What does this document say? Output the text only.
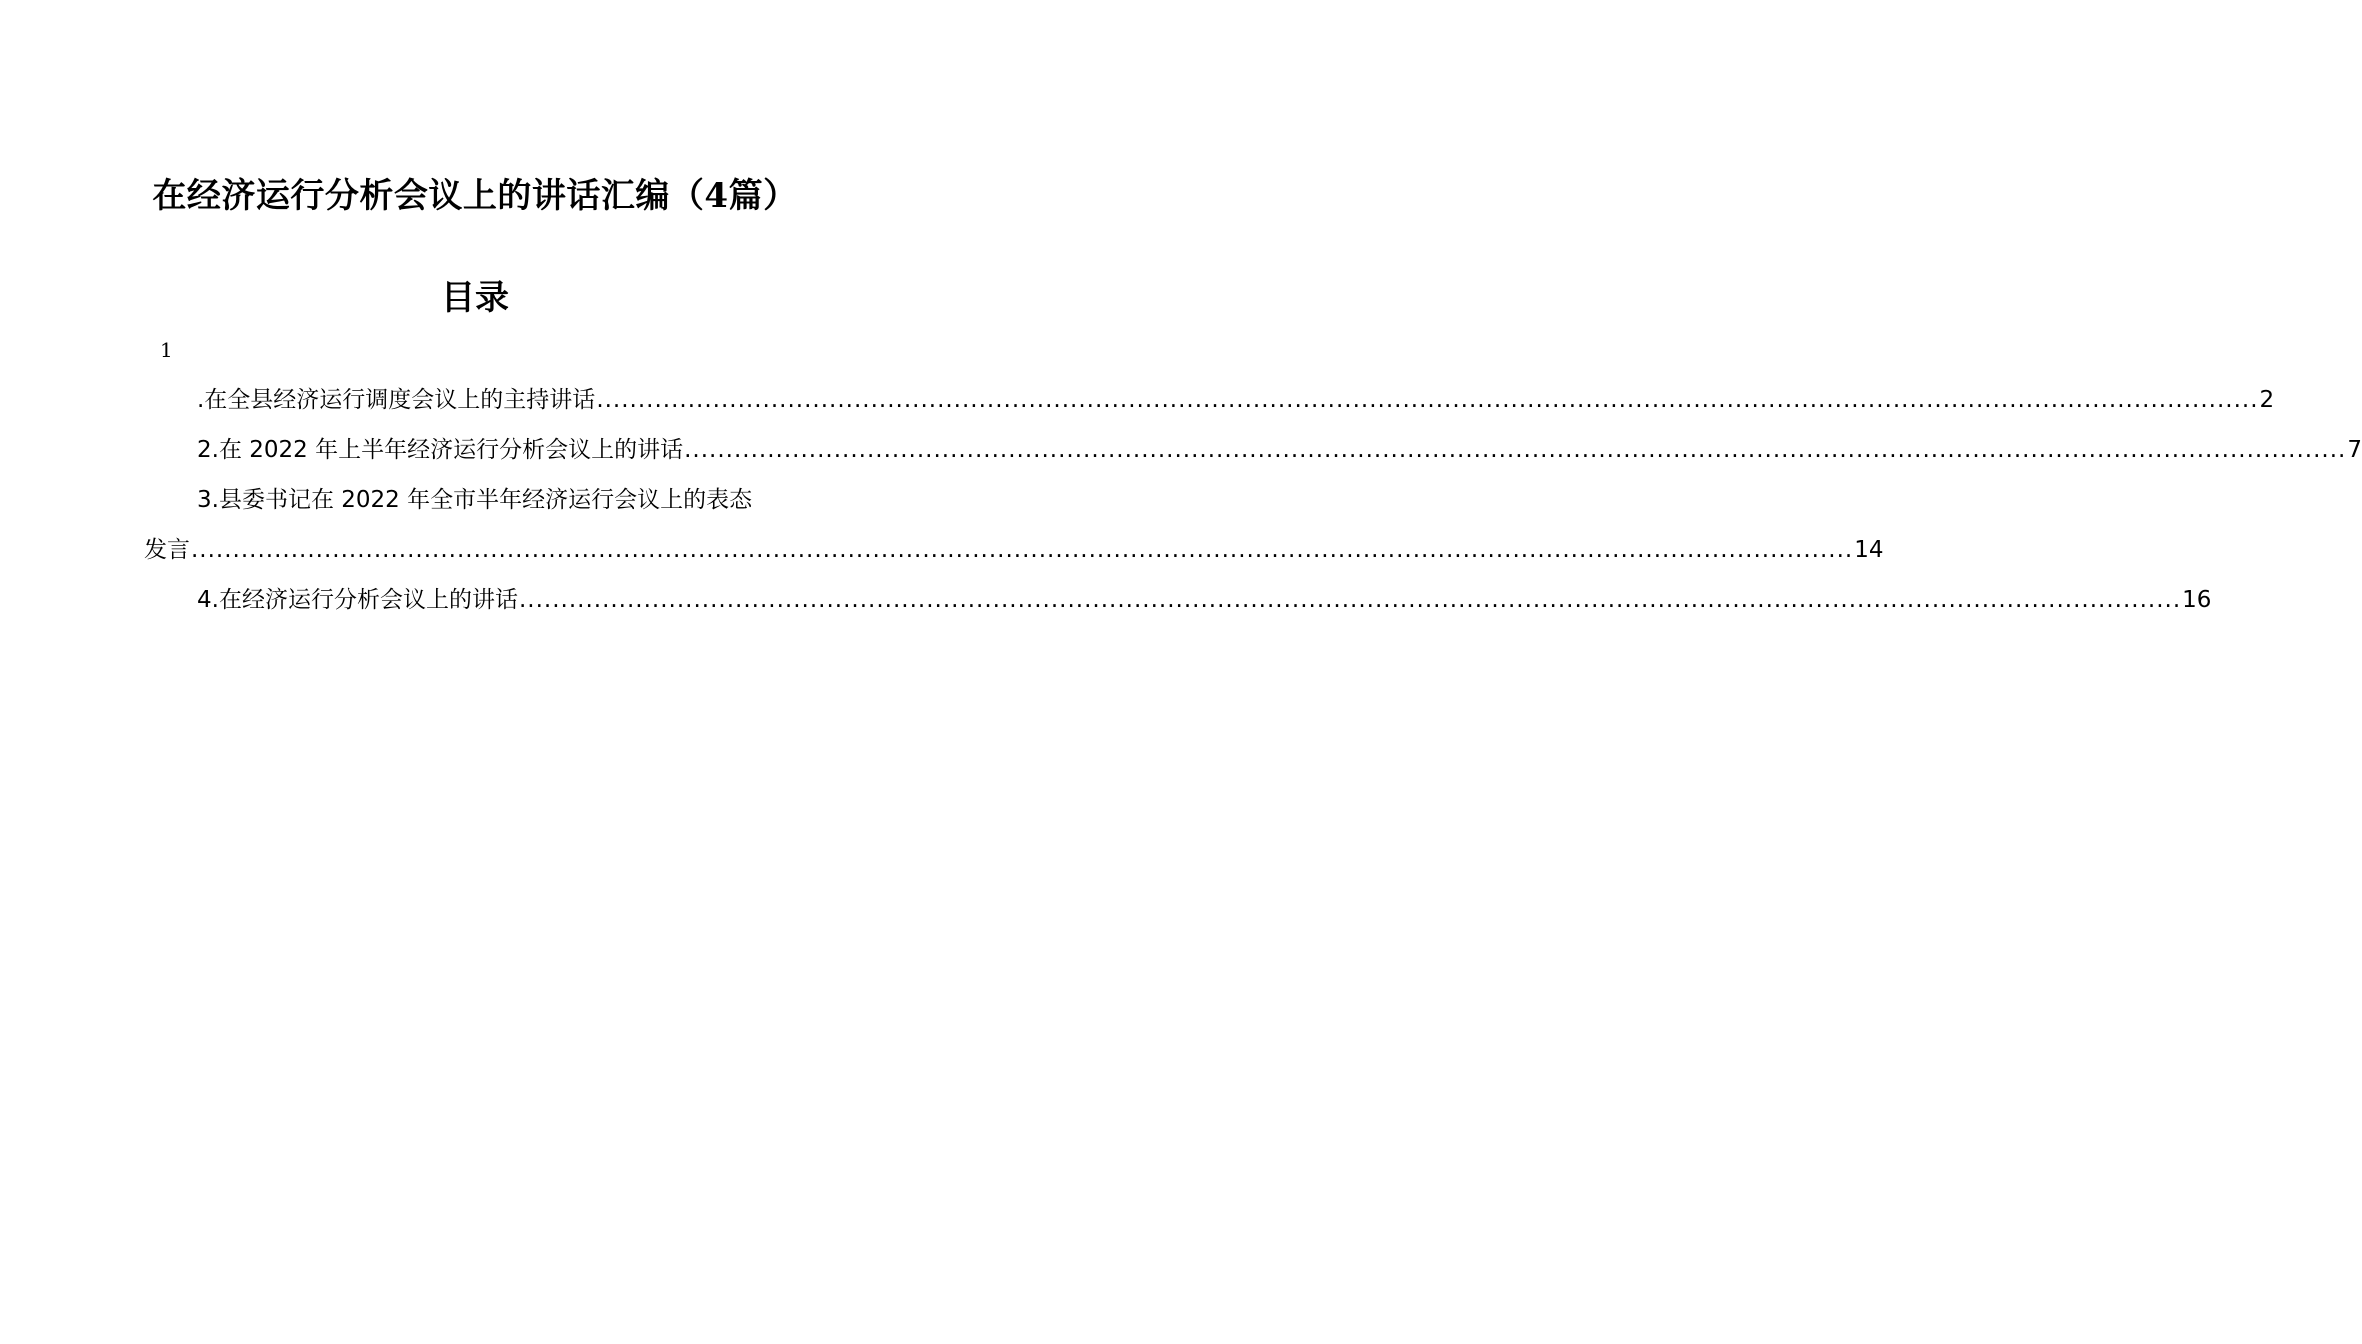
在经济运行分析会议上的讲话汇编（4篇）
目录
1
.在全县经济运行调度会议上的主持讲话 ........................................................................................................................................................................................................ 2
2.在 2022 年上半年经济运行分析会议上的讲话 ........................................................................................................................................................................................................ 7
3.县委书记在 2022 年全市半年经济运行会议上的表态
发言 ........................................................................................................................................................................................................ 14
4.在经济运行分析会议上的讲话 ........................................................................................................................................................................................................ 16
